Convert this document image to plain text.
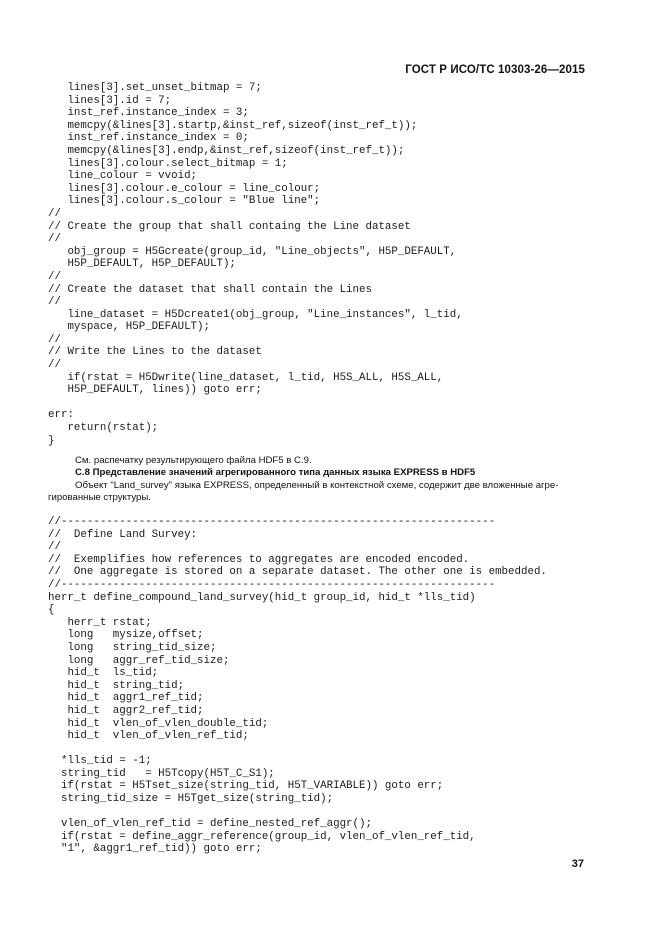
ГОСТ Р ИСО/ТС 10303-26—2015
lines[3].set_unset_bitmap = 7;
lines[3].id = 7;
inst_ref.instance_index = 3;
memcpy(&lines[3].startp,&inst_ref,sizeof(inst_ref_t));
inst_ref.instance_index = 0;
memcpy(&lines[3].endp,&inst_ref,sizeof(inst_ref_t));
lines[3].colour.select_bitmap = 1;
line_colour = vvoid;
lines[3].colour.e_colour = line_colour;
lines[3].colour.s_colour = "Blue line";
//
// Create the group that shall containg the Line dataset
//
obj_group = H5Gcreate(group_id, "Line_objects", H5P_DEFAULT,
H5P_DEFAULT, H5P_DEFAULT);
//
// Create the dataset that shall contain the Lines
//
line_dataset = H5Dcreate1(obj_group, "Line_instances", l_tid,
myspace, H5P_DEFAULT);
//
// Write the Lines to the dataset
//
if(rstat = H5Dwrite(line_dataset, l_tid, H5S_ALL, H5S_ALL,
H5P_DEFAULT, lines)) goto err;

err:
return(rstat);
}

См. распечатку результирующего файла HDF5 в С.9.

С.8 Представление значений агрегированного типа данных языка EXPRESS в HDF5

Объект "Land_survey" языка EXPRESS, определенный в контекстной схеме, содержит две вложенные агре-гированные структуры.

//-------------------------------------------------------------------
//  Define Land Survey:
//
//  Exemplifies how references to aggregates are encoded encoded.
//  One aggregate is stored on a separate dataset. The other one is embedded.
//-------------------------------------------------------------------
herr_t define_compound_land_survey(hid_t group_id, hid_t *lls_tid)
{
herr_t rstat;
long   mysize,offset;
long   string_tid_size;
long   aggr_ref_tid_size;
hid_t  ls_tid;
hid_t  string_tid;
hid_t  aggr1_ref_tid;
hid_t  aggr2_ref_tid;
hid_t  vlen_of_vlen_double_tid;
hid_t  vlen_of_vlen_ref_tid;

*lls_tid = -1;
string_tid   = H5Tcopy(H5T_C_S1);
if(rstat = H5Tset_size(string_tid, H5T_VARIABLE)) goto err;
string_tid_size = H5Tget_size(string_tid);

vlen_of_vlen_ref_tid = define_nested_ref_aggr();
if(rstat = define_aggr_reference(group_id, vlen_of_vlen_ref_tid,
"1", &aggr1_ref_tid)) goto err;
37
